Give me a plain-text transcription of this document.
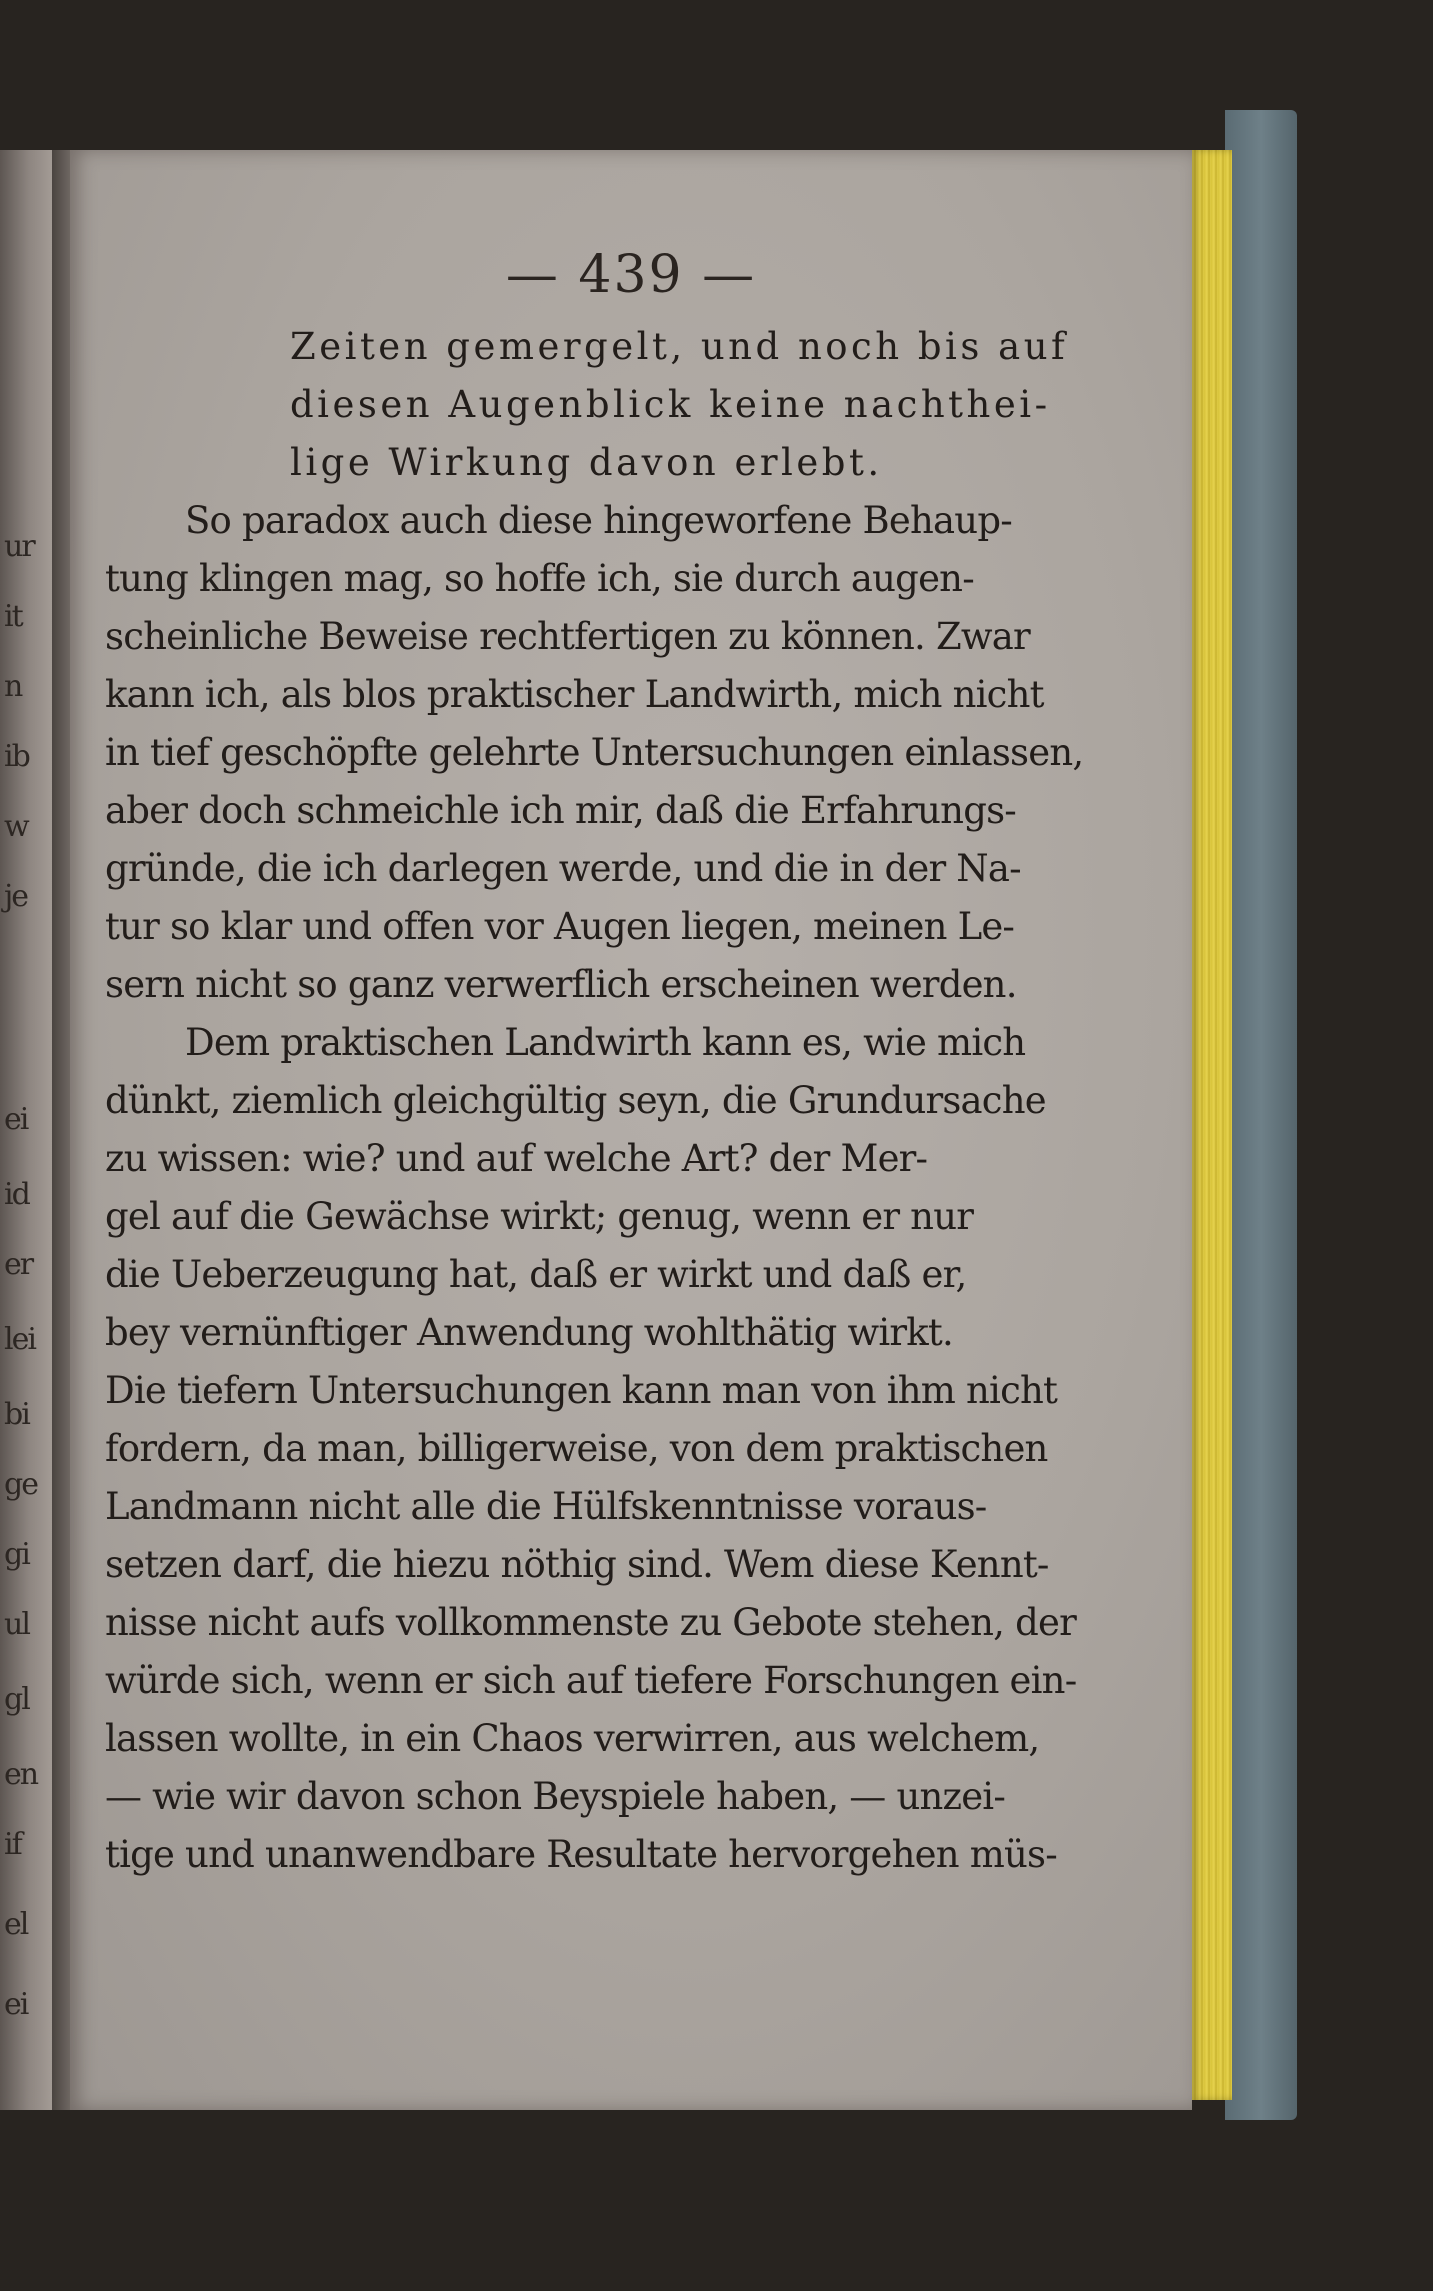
ur
it
n
ib
w
je
ei
id
er
lei
bi
ge
gi
ul
gl
en
if
el
ei
— 439 —
Zeiten gemergelt, und noch bis auf
diesen Augenblick keine nachthei-
lige Wirkung davon erlebt.
So paradox auch diese hingeworfene Behaup-
tung klingen mag, so hoffe ich, sie durch augen-
scheinliche Beweise rechtfertigen zu können. Zwar
kann ich, als blos praktischer Landwirth, mich nicht
in tief geschöpfte gelehrte Untersuchungen einlassen,
aber doch schmeichle ich mir, daß die Erfahrungs-
gründe, die ich darlegen werde, und die in der Na-
tur so klar und offen vor Augen liegen, meinen Le-
sern nicht so ganz verwerflich erscheinen werden.
Dem praktischen Landwirth kann es, wie mich
dünkt, ziemlich gleichgültig seyn, die Grundursache
zu wissen: wie? und auf welche Art? der Mer-
gel auf die Gewächse wirkt; genug, wenn er nur
die Ueberzeugung hat, daß er wirkt und daß er,
bey vernünftiger Anwendung wohlthätig wirkt.
Die tiefern Untersuchungen kann man von ihm nicht
fordern, da man, billigerweise, von dem praktischen
Landmann nicht alle die Hülfskenntnisse voraus-
setzen darf, die hiezu nöthig sind. Wem diese Kennt-
nisse nicht aufs vollkommenste zu Gebote stehen, der
würde sich, wenn er sich auf tiefere Forschungen ein-
lassen wollte, in ein Chaos verwirren, aus welchem,
— wie wir davon schon Beyspiele haben, — unzei-
tige und unanwendbare Resultate hervorgehen müs-
